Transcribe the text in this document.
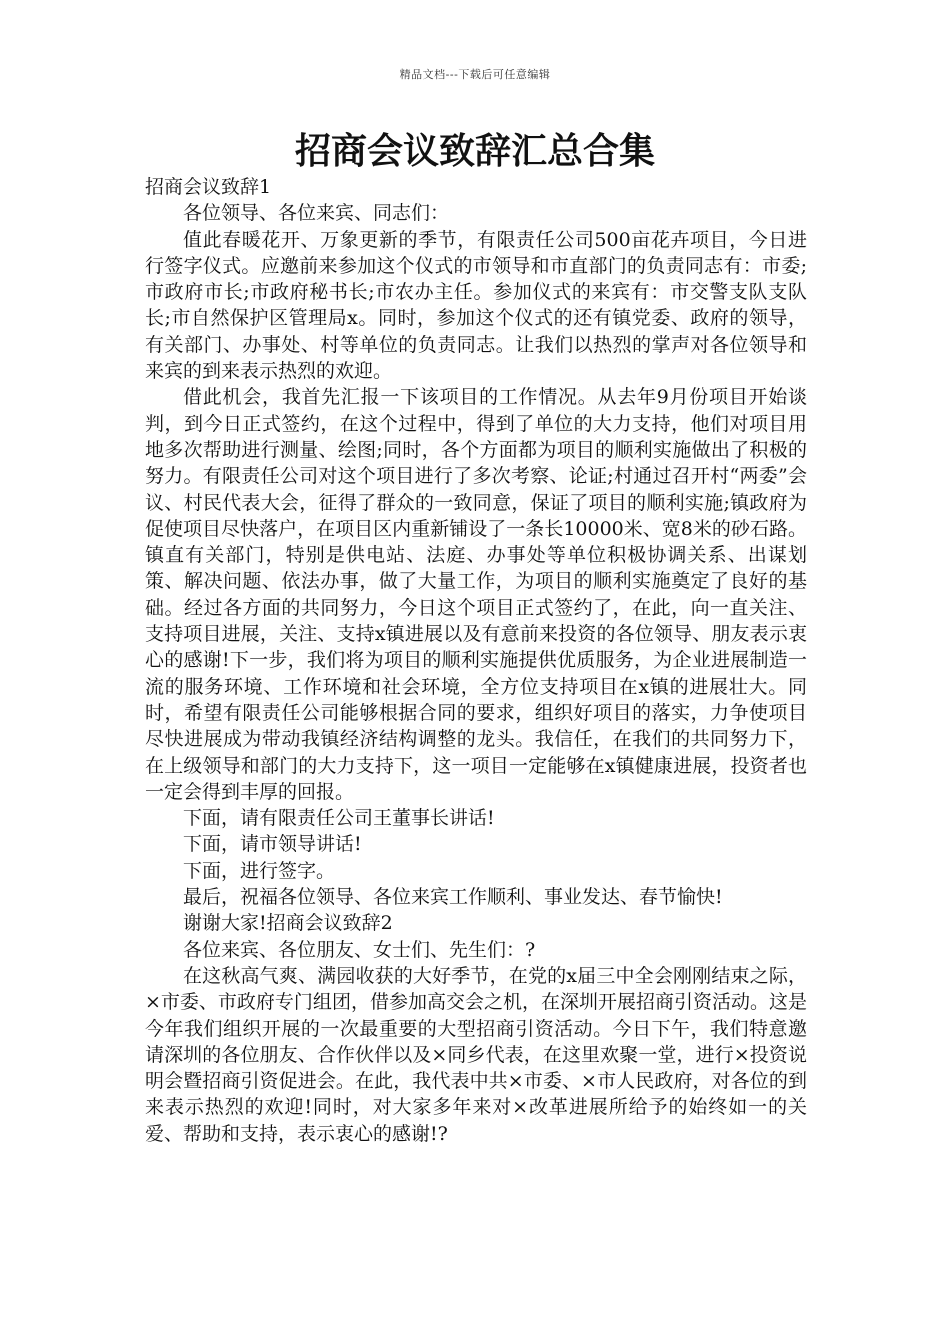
精品文档---下载后可任意编辑
招商会议致辞汇总合集

招商会议致辞1

各位领导、各位来宾、同志们：

值此春暖花开、万象更新的季节，有限责任公司500亩花卉项目，今日进行签字仪式。应邀前来参加这个仪式的市领导和市直部门的负责同志有：市委;市政府市长;市政府秘书长;市农办主任。参加仪式的来宾有：市交警支队支队长;市自然保护区管理局x。同时，参加这个仪式的还有镇党委、政府的领导，有关部门、办事处、村等单位的负责同志。让我们以热烈的掌声对各位领导和来宾的到来表示热烈的欢迎。

借此机会，我首先汇报一下该项目的工作情况。从去年9月份项目开始谈判，到今日正式签约，在这个过程中，得到了单位的大力支持，他们对项目用地多次帮助进行测量、绘图;同时，各个方面都为项目的顺利实施做出了积极的努力。有限责任公司对这个项目进行了多次考察、论证;村通过召开村“两委”会议、村民代表大会，征得了群众的一致同意，保证了项目的顺利实施;镇政府为促使项目尽快落户，在项目区内重新铺设了一条长10000米、宽8米的砂石路。镇直有关部门，特别是供电站、法庭、办事处等单位积极协调关系、出谋划策、解决问题、依法办事，做了大量工作，为项目的顺利实施奠定了良好的基础。经过各方面的共同努力，今日这个项目正式签约了，在此，向一直关注、支持项目进展，关注、支持x镇进展以及有意前来投资的各位领导、朋友表示衷心的感谢!下一步，我们将为项目的顺利实施提供优质服务，为企业进展制造一流的服务环境、工作环境和社会环境，全方位支持项目在x镇的进展壮大。同时，希望有限责任公司能够根据合同的要求，组织好项目的落实，力争使项目尽快进展成为带动我镇经济结构调整的龙头。我信任，在我们的共同努力下，在上级领导和部门的大力支持下，这一项目一定能够在x镇健康进展，投资者也一定会得到丰厚的回报。

下面，请有限责任公司王董事长讲话!

下面，请市领导讲话!

下面，进行签字。

最后，祝福各位领导、各位来宾工作顺利、事业发达、春节愉快!

谢谢大家!招商会议致辞2

各位来宾、各位朋友、女士们、先生们：?

在这秋高气爽、满园收获的大好季节，在党的x届三中全会刚刚结束之际，×市委、市政府专门组团，借参加高交会之机，在深圳开展招商引资活动。这是今年我们组织开展的一次最重要的大型招商引资活动。今日下午，我们特意邀请深圳的各位朋友、合作伙伴以及×同乡代表，在这里欢聚一堂，进行×投资说明会暨招商引资促进会。在此，我代表中共×市委、×市人民政府，对各位的到来表示热烈的欢迎!同时，对大家多年来对×改革进展所给予的始终如一的关爱、帮助和支持，表示衷心的感谢!?
